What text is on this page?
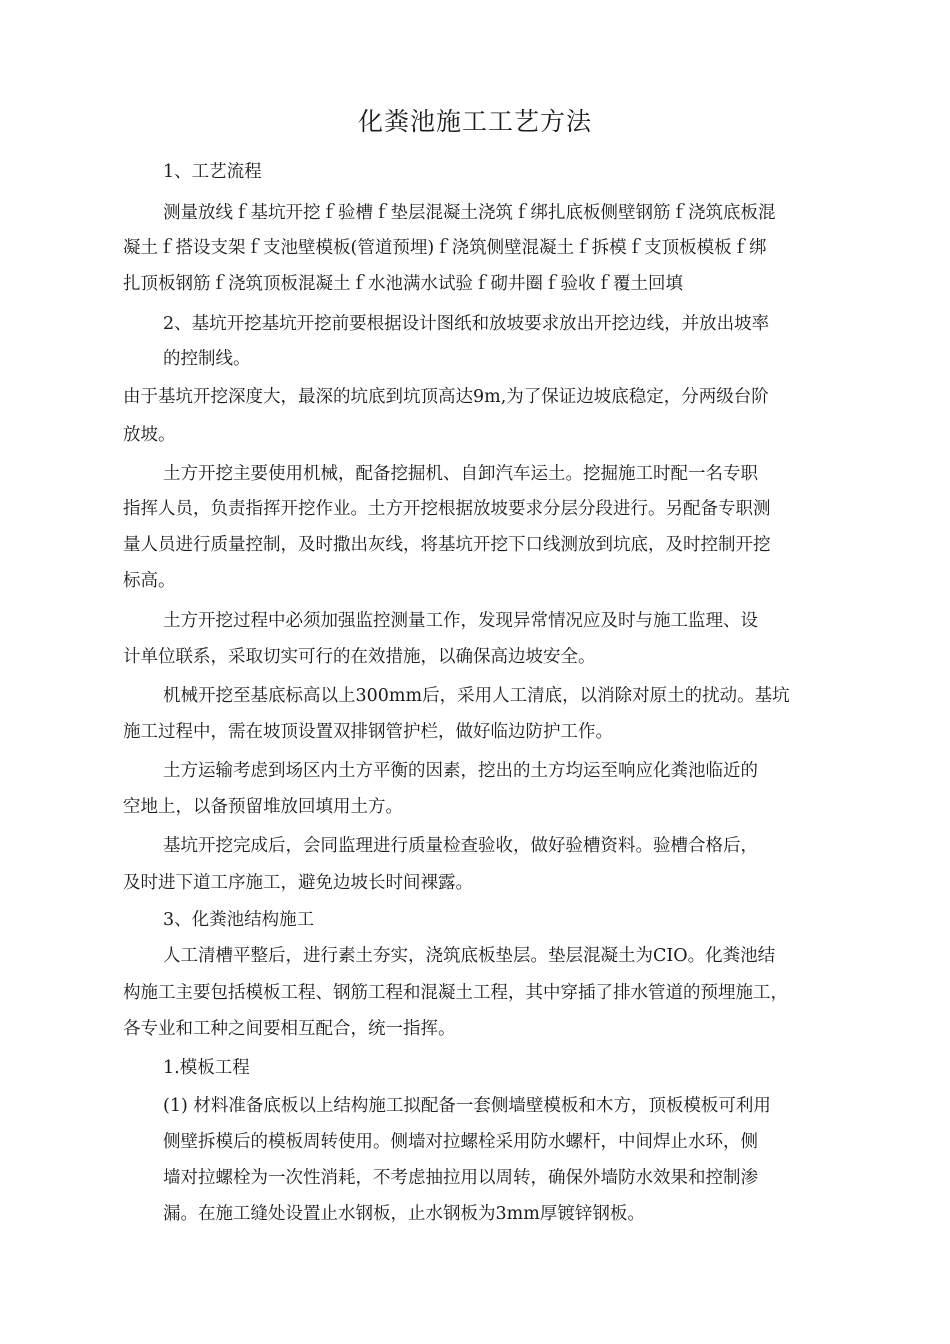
化粪池施工工艺方法
1、工艺流程
测量放线ｆ基坑开挖ｆ验槽ｆ垫层混凝土浇筑ｆ绑扎底板侧壁钢筋ｆ浇筑底板混
凝土ｆ搭设支架ｆ支池壁模板(管道预埋)ｆ浇筑侧壁混凝土ｆ拆模ｆ支顶板模板ｆ绑
扎顶板钢筋ｆ浇筑顶板混凝土ｆ水池满水试验ｆ砌井圈ｆ验收ｆ覆土回填
2、基坑开挖基坑开挖前要根据设计图纸和放坡要求放出开挖边线，并放出坡率
的控制线。
由于基坑开挖深度大，最深的坑底到坑顶高达9m,为了保证边坡底稳定，分两级台阶
放坡。
土方开挖主要使用机械，配备挖掘机、自卸汽车运土。挖掘施工时配一名专职
指挥人员，负责指挥开挖作业。土方开挖根据放坡要求分层分段进行。另配备专职测
量人员进行质量控制，及时撒出灰线，将基坑开挖下口线测放到坑底，及时控制开挖
标高。
土方开挖过程中必须加强监控测量工作，发现异常情况应及时与施工监理、设
计单位联系，采取切实可行的在效措施，以确保高边坡安全。
机械开挖至基底标高以上300mm后，采用人工清底，以消除对原土的扰动。基坑
施工过程中，需在坡顶设置双排钢管护栏，做好临边防护工作。
土方运输考虑到场区内土方平衡的因素，挖出的土方均运至响应化粪池临近的
空地上，以备预留堆放回填用土方。
基坑开挖完成后，会同监理进行质量检查验收，做好验槽资料。验槽合格后，
及时进下道工序施工，避免边坡长时间裸露。
3、化粪池结构施工
人工清槽平整后，进行素土夯实，浇筑底板垫层。垫层混凝土为CIO。化粪池结
构施工主要包括模板工程、钢筋工程和混凝土工程，其中穿插了排水管道的预埋施工，
各专业和工种之间要相互配合，统一指挥。
1.模板工程
(1) 材料准备底板以上结构施工拟配备一套侧墙壁模板和木方，顶板模板可利用
侧壁拆模后的模板周转使用。侧墙对拉螺栓采用防水螺杆，中间焊止水环，侧
墙对拉螺栓为一次性消耗，不考虑抽拉用以周转，确保外墙防水效果和控制渗
漏。在施工缝处设置止水钢板，止水钢板为3mm厚镀锌钢板。
